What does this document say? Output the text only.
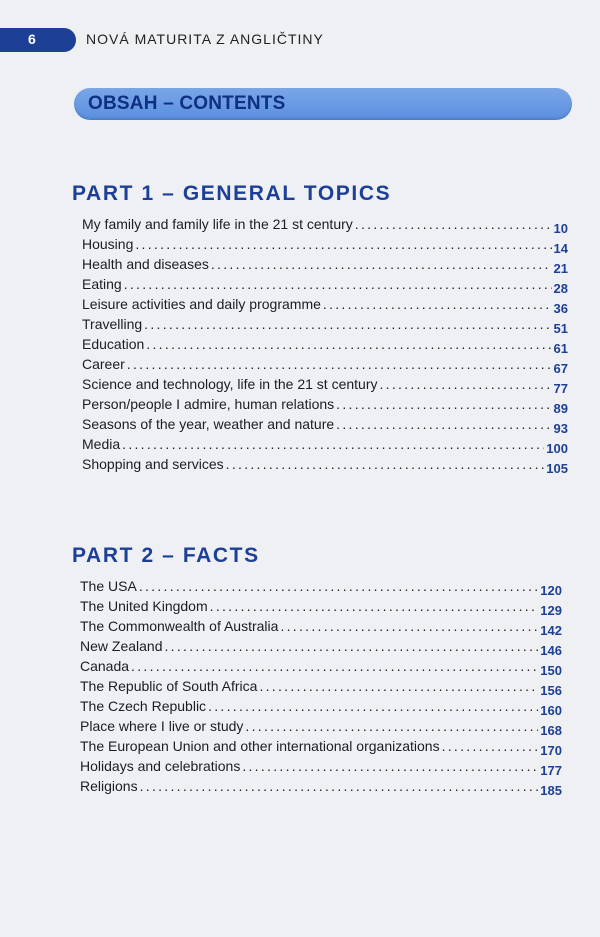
6	NOVÁ MATURITA Z ANGLIČTINY
OBSAH – CONTENTS
PART 1 – GENERAL TOPICS
My family and family life in the 21 st century . . .	10
Housing . . .	14
Health and diseases . . .	21
Eating . . .	28
Leisure activities and daily programme . . .	36
Travelling . . .	51
Education . . .	61
Career . . .	67
Science and technology, life in the 21 st century . . .	77
Person/people I admire, human relations . . .	89
Seasons of the year, weather and nature . . .	93
Media . . .	100
Shopping and services . . .	105
PART 2 – FACTS
The USA . . .	120
The United Kingdom . . .	129
The Commonwealth of Australia . . .	142
New Zealand . . .	146
Canada . . .	150
The Republic of South Africa . . .	156
The Czech Republic . . .	160
Place where I live or study . . .	168
The European Union and other international organizations . . .	170
Holidays and celebrations . . .	177
Religions . . .	185
